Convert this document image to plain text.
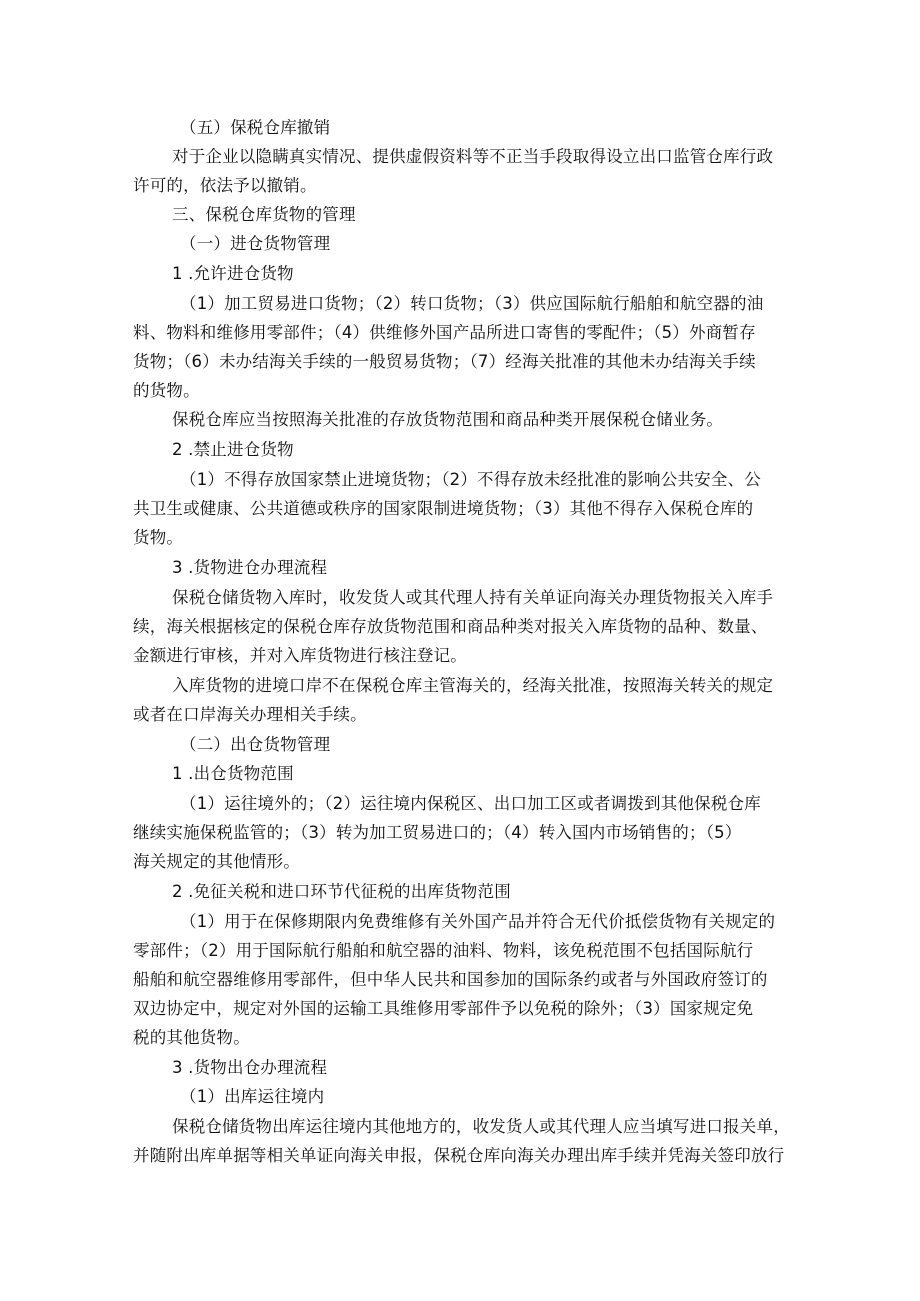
（五）保税仓库撤销
对于企业以隐瞒真实情况、提供虚假资料等不正当手段取得设立出口监管仓库行政
许可的，依法予以撤销。
三、保税仓库货物的管理
（一）进仓货物管理
1 .允许进仓货物
（1）加工贸易进口货物；（2）转口货物；（3）供应国际航行船舶和航空器的油
料、物料和维修用零部件；（4）供维修外国产品所进口寄售的零配件；（5）外商暂存
货物；（6）未办结海关手续的一般贸易货物；（7）经海关批准的其他未办结海关手续
的货物。
保税仓库应当按照海关批准的存放货物范围和商品种类开展保税仓储业务。
2 .禁止进仓货物
（1）不得存放国家禁止进境货物；（2）不得存放未经批准的影响公共安全、公
共卫生或健康、公共道德或秩序的国家限制进境货物；（3）其他不得存入保税仓库的
货物。
3 .货物进仓办理流程
保税仓储货物入库时，收发货人或其代理人持有关单证向海关办理货物报关入库手
续，海关根据核定的保税仓库存放货物范围和商品种类对报关入库货物的品种、数量、
金额进行审核，并对入库货物进行核注登记。
入库货物的进境口岸不在保税仓库主管海关的，经海关批准，按照海关转关的规定
或者在口岸海关办理相关手续。
（二）出仓货物管理
1 .出仓货物范围
（1）运往境外的；（2）运往境内保税区、出口加工区或者调拨到其他保税仓库
继续实施保税监管的；（3）转为加工贸易进口的；（4）转入国内市场销售的；（5）
海关规定的其他情形。
2 .免征关税和进口环节代征税的出库货物范围
（1）用于在保修期限内免费维修有关外国产品并符合无代价抵偿货物有关规定的
零部件；（2）用于国际航行船舶和航空器的油料、物料，该免税范围不包括国际航行
船舶和航空器维修用零部件，但中华人民共和国参加的国际条约或者与外国政府签订的
双边协定中，规定对外国的运输工具维修用零部件予以免税的除外；（3）国家规定免
税的其他货物。
3 .货物出仓办理流程
（1）出库运往境内
保税仓储货物出库运往境内其他地方的，收发货人或其代理人应当填写进口报关单，
并随附出库单据等相关单证向海关申报，保税仓库向海关办理出库手续并凭海关签印放行
